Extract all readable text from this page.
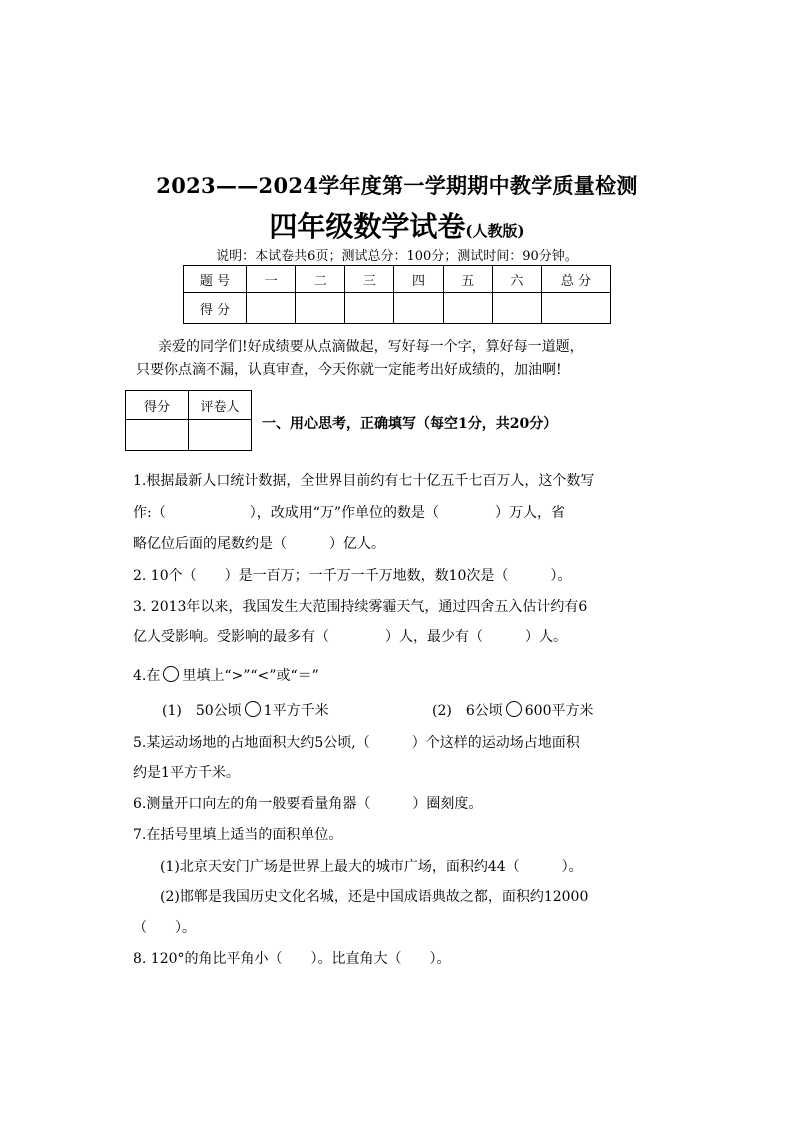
2023——2024学年度第一学期期中教学质量检测
四年级数学试卷(人教版)
说明：本试卷共6页；测试总分：100分；测试时间：90分钟。
题 号	一	二	三	四	五	六	总 分
得 分							
亲爱的同学们!好成绩要从点滴做起，写好每一个字，算好每一道题，
只要你点滴不漏，认真审查，今天你就一定能考出好成绩的，加油啊!
得分	评卷人

一、用心思考，正确填写（每空1分，共20分）
1.根据最新人口统计数据，全世界目前约有七十亿五千七百万人，这个数写
作:（　　　　　　），改成用“万”作单位的数是（　　　　）万人，省
略亿位后面的尾数约是（　　　）亿人。
2. 10个（　　）是一百万；一千万一千万地数，数10次是（　　　）。
3. 2013年以来，我国发生大范围持续雾霾天气，通过四舍五入估计约有6
亿人受影响。受影响的最多有（　　　　）人，最少有（　　　）人。
4.在 里填上“>”“<”或“＝”
(1)　50公顷 1平方千米	(2)　6公顷 600平方米
5.某运动场地的占地面积大约5公顷,（　　　）个这样的运动场占地面积
约是1平方千米。
6.测量开口向左的角一般要看量角器（　　　）圈刻度。
7.在括号里填上适当的面积单位。
(1)北京天安门广场是世界上最大的城市广场，面积约44（　　　）。
(2)邯郸是我国历史文化名城，还是中国成语典故之都，面积约12000
（　　）。
8. 120°的角比平角小（　　）。比直角大（　　）。
